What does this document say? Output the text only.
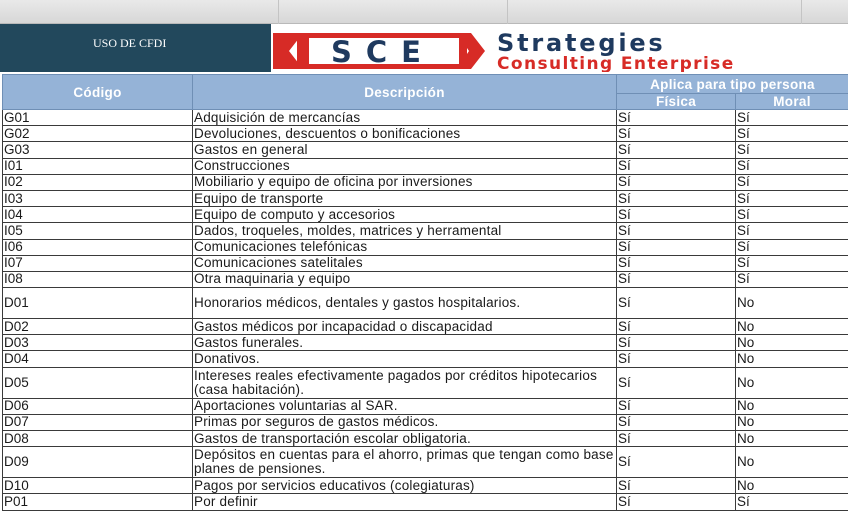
USO DE CFDI	SCE	Strategies
Consulting Enterprise
Código	Descripción	Aplica para tipo persona	
		Física	Moral
G01	Adquisición de mercancías	Sí	Sí
G02	Devoluciones, descuentos o bonificaciones	Sí	Sí
G03	Gastos en general	Sí	Sí
I01	Construcciones	Sí	Sí
I02	Mobiliario y equipo de oficina por inversiones	Sí	Sí
I03	Equipo de transporte	Sí	Sí
I04	Equipo de computo y accesorios	Sí	Sí
I05	Dados, troqueles, moldes, matrices y herramental	Sí	Sí
I06	Comunicaciones telefónicas	Sí	Sí
I07	Comunicaciones satelitales	Sí	Sí
I08	Otra maquinaria y equipo	Sí	Sí
D01	Honorarios médicos, dentales y gastos hospitalarios.	Sí	No
D02	Gastos médicos por incapacidad o discapacidad	Sí	No
D03	Gastos funerales.	Sí	No
D04	Donativos.	Sí	No
D05	Intereses reales efectivamente pagados por créditos hipotecarios (casa habitación).	Sí	No
D06	Aportaciones voluntarias al SAR.	Sí	No
D07	Primas por seguros de gastos médicos.	Sí	No
D08	Gastos de transportación escolar obligatoria.	Sí	No
D09	Depósitos en cuentas para el ahorro, primas que tengan como base planes de pensiones.	Sí	No
D10	Pagos por servicios educativos (colegiaturas)	Sí	No
P01	Por definir	Sí	Sí
